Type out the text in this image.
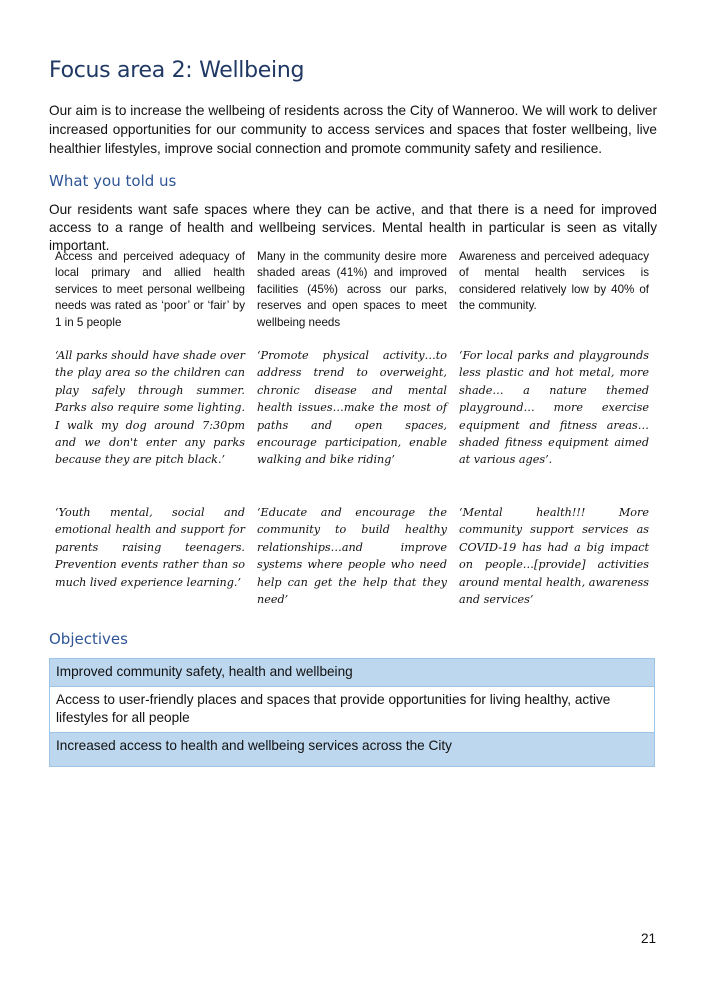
Focus area 2: Wellbeing

Our aim is to increase the wellbeing of residents across the City of Wanneroo. We will work to deliver increased opportunities for our community to access services and spaces that foster wellbeing, live healthier lifestyles, improve social connection and promote community safety and resilience.

What you told us

Our residents want safe spaces where they can be active, and that there is a need for improved access to a range of health and wellbeing services. Mental health in particular is seen as vitally important.

Access and perceived adequacy of local primary and allied health services to meet personal wellbeing needs was rated as ‘poor’ or ‘fair’ by 1 in 5 people
Many in the community desire more shaded areas (41%) and improved facilities (45%) across our parks, reserves and open spaces to meet wellbeing needs
Awareness and perceived adequacy of mental health services is considered relatively low by 40% of the community.
‘All parks should have shade over the play area so the children can play safely through summer. Parks also require some lighting. I walk my dog around 7:30pm and we don't enter any parks because they are pitch black.’
‘Promote physical activity…to address trend to overweight, chronic disease and mental health issues…make the most of paths and open spaces, encourage participation, enable walking and bike riding’
‘For local parks and playgrounds less plastic and hot metal, more shade… a nature themed playground… more exercise equipment and fitness areas…shaded fitness equipment aimed at various ages’.
‘Youth mental, social and emotional health and support for parents raising teenagers. Prevention events rather than so much lived experience learning.’
‘Educate and encourage the community to build healthy relationships…and improve systems where people who need help can get the help that they need’
‘Mental health!!! More community support services as COVID-19 has had a big impact on people…[provide] activities around mental health, awareness and services’
Objectives
Improved community safety, health and wellbeing
Access to user-friendly places and spaces that provide opportunities for living healthy, active lifestyles for all people
Increased access to health and wellbeing services across the City
21
